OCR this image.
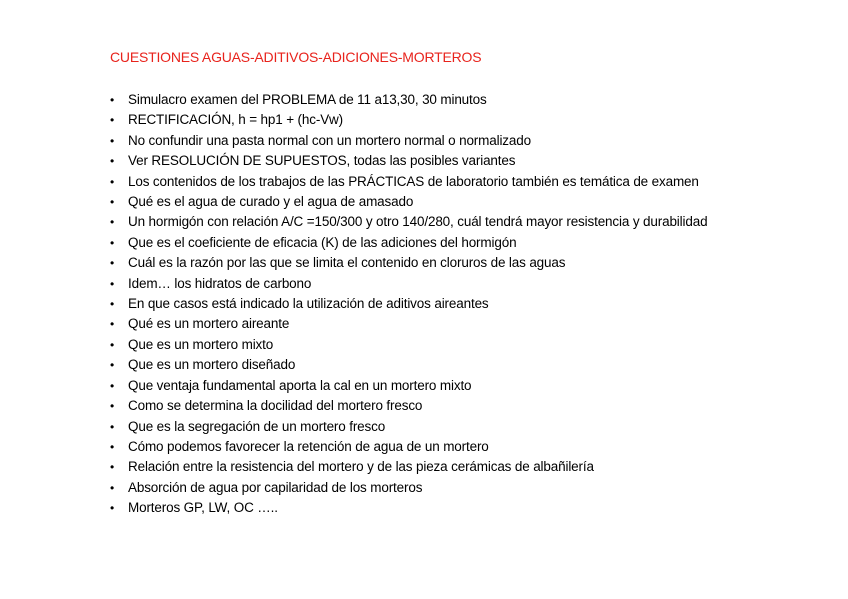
CUESTIONES AGUAS-ADITIVOS-ADICIONES-MORTEROS
•	Simulacro examen del PROBLEMA de 11 a13,30, 30 minutos
•	RECTIFICACIÓN, h = hp1 + (hc-Vw)
•	No confundir una pasta normal con un mortero normal o normalizado
•	Ver RESOLUCIÓN DE SUPUESTOS, todas las posibles variantes
•	Los contenidos de los trabajos de las PRÁCTICAS de laboratorio también es temática de examen
•	Qué es el agua de curado y el agua de amasado
•	Un hormigón con relación A/C =150/300 y otro 140/280, cuál tendrá mayor resistencia y durabilidad
•	Que es el coeficiente de eficacia (K) de las adiciones del hormigón
•	Cuál es la razón por las que se limita el contenido en cloruros de las aguas
•	Idem… los hidratos de carbono
•	En que casos está indicado la utilización de aditivos aireantes
•	Qué es un mortero aireante
•	Que es un mortero mixto
•	Que es un mortero diseñado
•	Que ventaja fundamental aporta la cal en un mortero mixto
•	Como se determina la docilidad del mortero fresco
•	Que es la segregación de un mortero fresco
•	Cómo podemos favorecer la retención de agua de un mortero
•	Relación entre la resistencia del mortero y de las pieza cerámicas de albañilería
•	Absorción de agua por capilaridad de los morteros
•	Morteros GP, LW, OC …..
